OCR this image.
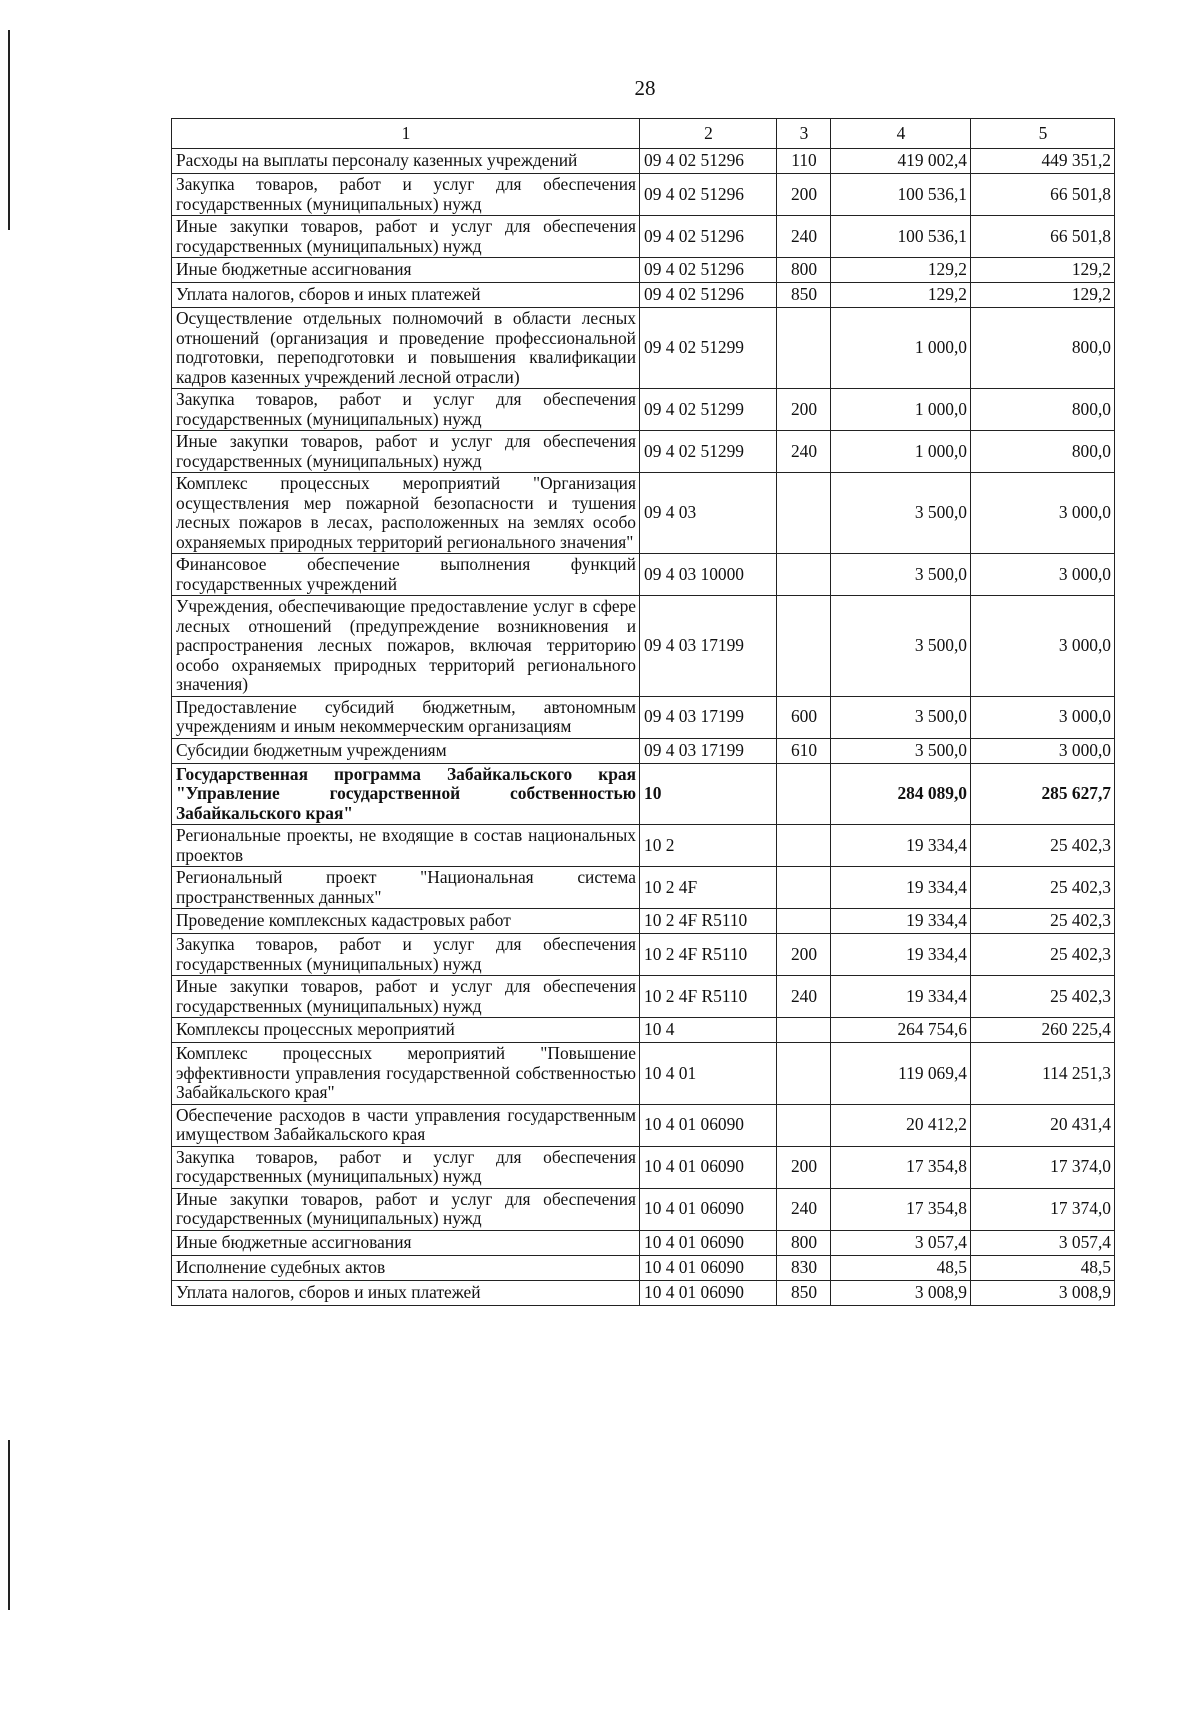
28
1	2	3	4	5
Расходы на выплаты персоналу казенных учреждений	09 4 02 51296	110	419 002,4	449 351,2
Закупка товаров, работ и услуг для обеспечения государственных (муниципальных) нужд	09 4 02 51296	200	100 536,1	66 501,8
Иные закупки товаров, работ и услуг для обеспечения государственных (муниципальных) нужд	09 4 02 51296	240	100 536,1	66 501,8
Иные бюджетные ассигнования	09 4 02 51296	800	129,2	129,2
Уплата налогов, сборов и иных платежей	09 4 02 51296	850	129,2	129,2
Осуществление отдельных полномочий в области лесных отношений (организация и проведение профессиональной подготовки, переподготовки и повышения квалификации кадров казенных учреждений лесной отрасли)	09 4 02 51299		1 000,0	800,0
Закупка товаров, работ и услуг для обеспечения государственных (муниципальных) нужд	09 4 02 51299	200	1 000,0	800,0
Иные закупки товаров, работ и услуг для обеспечения государственных (муниципальных) нужд	09 4 02 51299	240	1 000,0	800,0
Комплекс процессных мероприятий "Организация осуществления мер пожарной безопасности и тушения лесных пожаров в лесах, расположенных на землях особо охраняемых природных территорий регионального значения"	09 4 03		3 500,0	3 000,0
Финансовое обеспечение выполнения функций государственных учреждений	09 4 03 10000		3 500,0	3 000,0
Учреждения, обеспечивающие предоставление услуг в сфере лесных отношений (предупреждение возникновения и распространения лесных пожаров, включая территорию особо охраняемых природных территорий регионального значения)	09 4 03 17199		3 500,0	3 000,0
Предоставление субсидий бюджетным, автономным учреждениям и иным некоммерческим организациям	09 4 03 17199	600	3 500,0	3 000,0
Субсидии бюджетным учреждениям	09 4 03 17199	610	3 500,0	3 000,0
Государственная программа Забайкальского края "Управление государственной собственностью Забайкальского края"	10		284 089,0	285 627,7
Региональные проекты, не входящие в состав национальных проектов	10 2		19 334,4	25 402,3
Региональный проект "Национальная система пространственных данных"	10 2 4F		19 334,4	25 402,3
Проведение комплексных кадастровых работ	10 2 4F R5110		19 334,4	25 402,3
Закупка товаров, работ и услуг для обеспечения государственных (муниципальных) нужд	10 2 4F R5110	200	19 334,4	25 402,3
Иные закупки товаров, работ и услуг для обеспечения государственных (муниципальных) нужд	10 2 4F R5110	240	19 334,4	25 402,3
Комплексы процессных мероприятий	10 4		264 754,6	260 225,4
Комплекс процессных мероприятий "Повышение эффективности управления государственной собственностью Забайкальского края"	10 4 01		119 069,4	114 251,3
Обеспечение расходов в части управления государственным имуществом Забайкальского края	10 4 01 06090		20 412,2	20 431,4
Закупка товаров, работ и услуг для обеспечения государственных (муниципальных) нужд	10 4 01 06090	200	17 354,8	17 374,0
Иные закупки товаров, работ и услуг для обеспечения государственных (муниципальных) нужд	10 4 01 06090	240	17 354,8	17 374,0
Иные бюджетные ассигнования	10 4 01 06090	800	3 057,4	3 057,4
Исполнение судебных актов	10 4 01 06090	830	48,5	48,5
Уплата налогов, сборов и иных платежей	10 4 01 06090	850	3 008,9	3 008,9
